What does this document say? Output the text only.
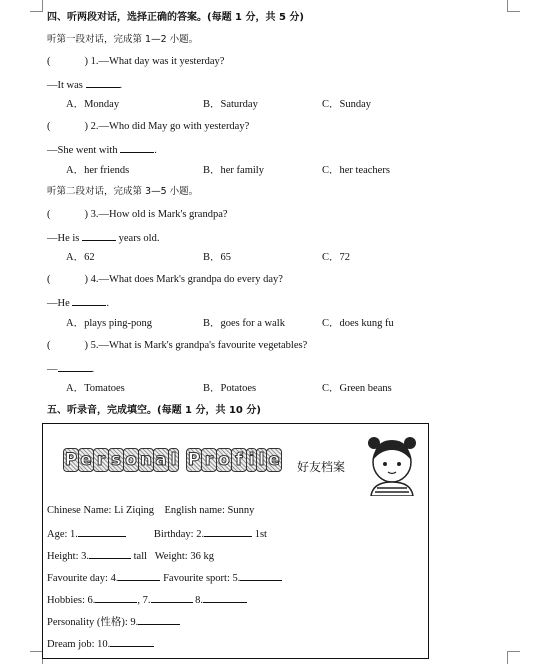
四、听两段对话，选择正确的答案。(每题 1 分，共 5 分)
听第一段对话，完成第 1—2 小题。
(	) 1.—What day was it yesterday?
—It was	.
A．Monday	B．Saturday	C．Sunday
(	) 2.—Who did May go with yesterday?
—She went with	.
A．her friends	B．her family	C．her teachers
听第二段对话，完成第 3—5 小题。
(	) 3.—How old is Mark's grandpa?
—He is	years old.
A．62	B．65	C．72
(	) 4.—What does Mark's grandpa do every day?
—He	.
A．plays ping-pong	B．goes for a walk	C．does kung fu
(	) 5.—What is Mark's grandpa's favourite vegetables?
—	.
A．Tomatoes	B．Potatoes	C．Green beans
五、听录音，完成填空。(每题 1 分，共 10 分)
P e r s o n a l P r o f i l e 好友档案
Chinese Name: Li Ziqing    English name: Sunny
Age: 1.	Birthday: 2.	1st
Height: 3.	tall Weight: 36 kg
Favourite day: 4.	Favourite sport: 5.
Hobbies: 6.	, 7.	8.
Personality (性格): 9.
Dream job: 10.
